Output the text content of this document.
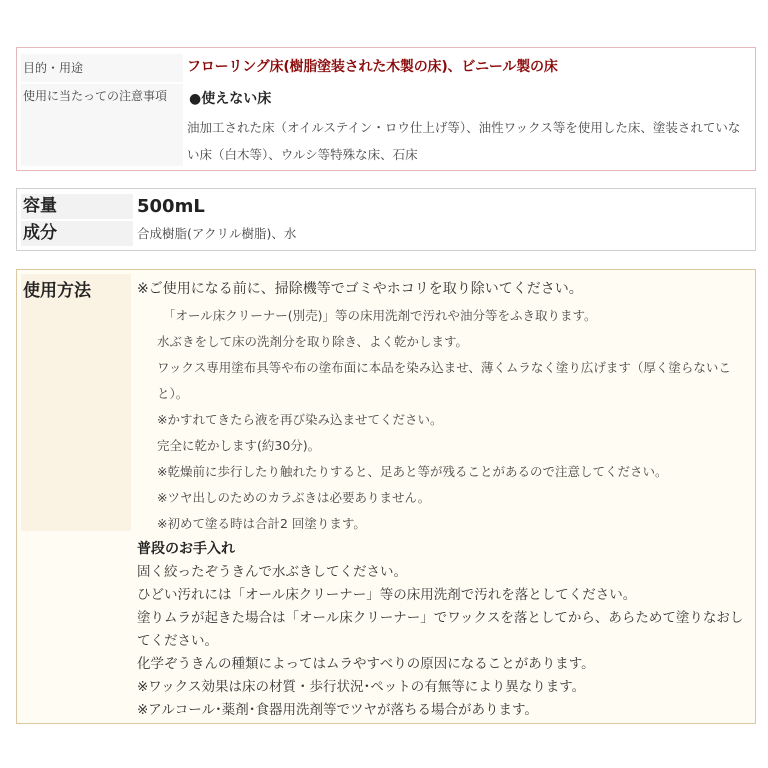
目的・用途	フローリング床(樹脂塗装された木製の床)、ビニール製の床
使用に当たっての注意事項	●使えない床
油加工された床（オイルステイン・ロウ仕上げ等）、油性ワックス等を使用した床、塗装されていない床（白木等）、ウルシ等特殊な床、石床
容量	500mL
成分	合成樹脂(アクリル樹脂)、水
使用方法	※ご使用になる前に、掃除機等でゴミやホコリを取り除いてください。
「オール床クリーナー(別売)」等の床用洗剤で汚れや油分等をふき取ります。
水ぶきをして床の洗剤分を取り除き、よく乾かします。
ワックス専用塗布具等や布の塗布面に本品を染み込ませ、薄くムラなく塗り広げます（厚く塗らないこと）。
※かすれてきたら液を再び染み込ませてください。
完全に乾かします(約30分)。
※乾燥前に歩行したり触れたりすると、足あと等が残ることがあるので注意してください。
※ツヤ出しのためのカラぶきは必要ありません。
※初めて塗る時は合計2 回塗ります。
普段のお手入れ
固く絞ったぞうきんで水ぶきしてください。
ひどい汚れには「オール床クリーナー」等の床用洗剤で汚れを落としてください。
塗りムラが起きた場合は「オール床クリーナー」でワックスを落としてから、あらためて塗りなおしてください。
化学ぞうきんの種類によってはムラやすべりの原因になることがあります。
※ワックス効果は床の材質・歩行状況･ペットの有無等により異なります。
※アルコール･薬剤･食器用洗剤等でツヤが落ちる場合があります。
